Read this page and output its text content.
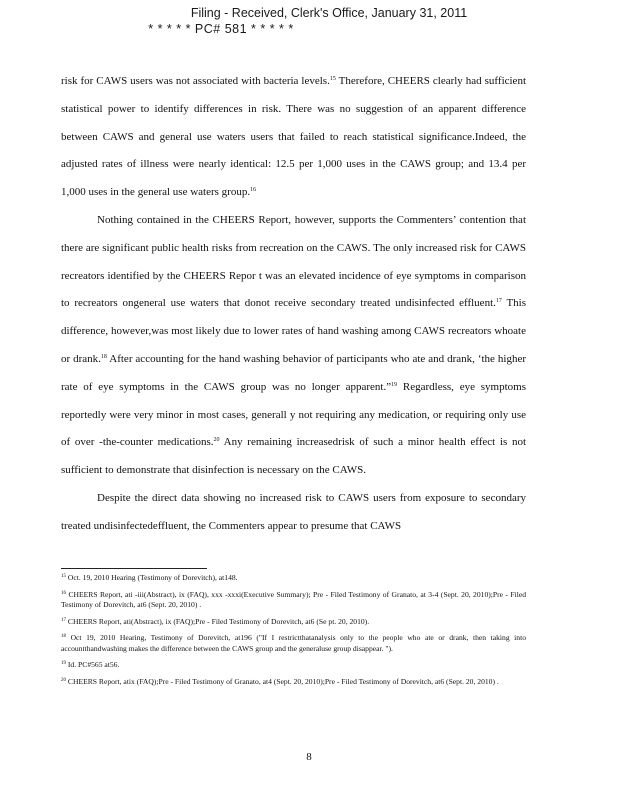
Filing - Received, Clerk's Office, January 31, 2011
* * * * * PC# 581 * * * * *

risk for CAWS users was not associated with bacteria levels.$^{15}$ Therefore, CHEERS clearly had sufficient statistical power to identify differences in risk. There was no suggestion of an apparent difference between CAWS and general use waters users that failed to reach statistical significance.Indeed, the adjusted rates of illness were nearly identical: 12.5 per 1,000 uses in the CAWS group; and 13.4 per 1,000 uses in the general use waters group.$^{16}$

Nothing contained in the CHEERS Report, however, supports the Commenters’ contention that there are significant public health risks from recreation on the CAWS. The only increased risk for CAWS recreators identified by the CHEERS Repor t was an elevated incidence of eye symptoms in comparison to recreators ongeneral use waters that donot receive secondary treated undisinfected effluent.$^{17}$ This difference, however,was most likely due to lower rates of hand washing among CAWS recreators whoate or drank.$^{18}$ After accounting for the hand washing behavior of participants who ate and drank, ‘the higher rate of eye symptoms in the CAWS group was no longer apparent.”$^{19}$ Regardless, eye symptoms reportedly were very minor in most cases, generall y not requiring any medication, or requiring only use of over -the-counter medications.$^{20}$ Any remaining increasedrisk of such a minor health effect is not sufficient to demonstrate that disinfection is necessary on the CAWS.

Despite the direct data showing no increased risk to CAWS users from exposure to secondary treated undisinfectedeffluent, the Commenters appear to presume that CAWS

$^{15}$ Oct. 19, 2010 Hearing (Testimony of Dorevitch), at148.

$^{16}$ CHEERS Report, ati -iii(Abstract), ix (FAQ), xxx -xxxi(Executive Summary); Pre - Filed Testimony of Granato, at 3-4 (Sept. 20, 2010);Pre - Filed Testimony of Dorevitch, at6 (Sept. 20, 2010) .

$^{17}$ CHEERS Report, ati(Abstract), ix (FAQ);Pre - Filed Testimony of Dorevitch, at6 (Se pt. 20, 2010).

$^{18}$ Oct 19, 2010 Hearing, Testimony of Dorevitch, at196 ("If I restrictthatanalysis only to the people who ate or drank, then taking into accountthandwashing makes the difference between the CAWS group and the generaluse group disappear. ").

$^{19}$ Id. PC#565 at56.

$^{20}$ CHEERS Report, atix (FAQ);Pre - Filed Testimony of Granato, at4 (Sept. 20, 2010);Pre - Filed Testimony of Dorevitch, at6 (Sept. 20, 2010) .

8
